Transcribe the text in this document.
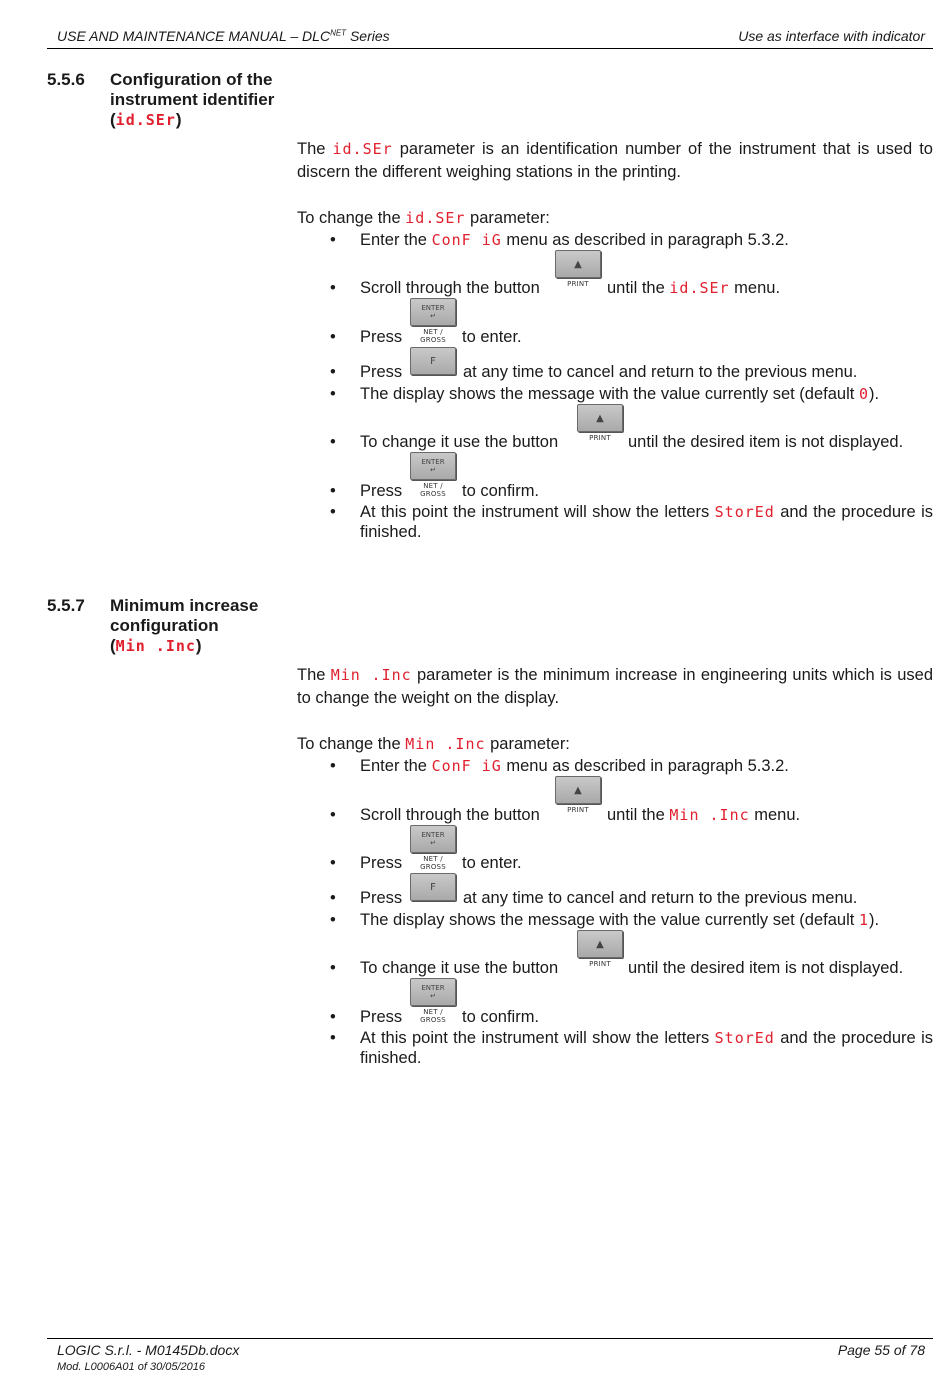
USE AND MAINTENANCE MANUAL – $DLC^{NET}$ Series	Use as interface with indicator
5.5.6 Configuration of the instrument identifier
(id.SEr)
The id.SEr parameter is an identification number of the instrument that is used to discern the different weighing stations in the printing.
To change the id.SEr parameter:
• Enter the ConF iG menu as described in paragraph 5.3.2.
• Scroll through the button
▲
PRINT	until the id.SEr menu.
• Press
ENTER
↵
NET / GROSS to enter.
• Press
F
at any time to cancel and return to the previous menu.
• The display shows the message with the value currently set (default 0).
• To change it use the button
▲
PRINT	until the desired item is not displayed.
• Press
ENTER
↵
NET / GROSS to confirm.
• At this point the instrument will show the letters StorEd and the procedure is finished.
5.5.7 Minimum increase configuration
(Min .Inc)
The Min .Inc parameter is the minimum increase in engineering units which is used to change the weight on the display.
To change the Min .Inc parameter:
• Enter the ConF iG menu as described in paragraph 5.3.2.
• Scroll through the button
▲
PRINT	until the Min .Inc menu.
• Press
ENTER
↵
NET / GROSS to enter.
• Press
F
at any time to cancel and return to the previous menu.
• The display shows the message with the value currently set (default 1).
• To change it use the button
▲
PRINT	until the desired item is not displayed.
• Press
ENTER
↵
NET / GROSS to confirm.
• At this point the instrument will show the letters StorEd and the procedure is finished.
LOGIC S.r.l. - M0145Db.docx	Page 55 of 78
Mod. L0006A01 of 30/05/2016
